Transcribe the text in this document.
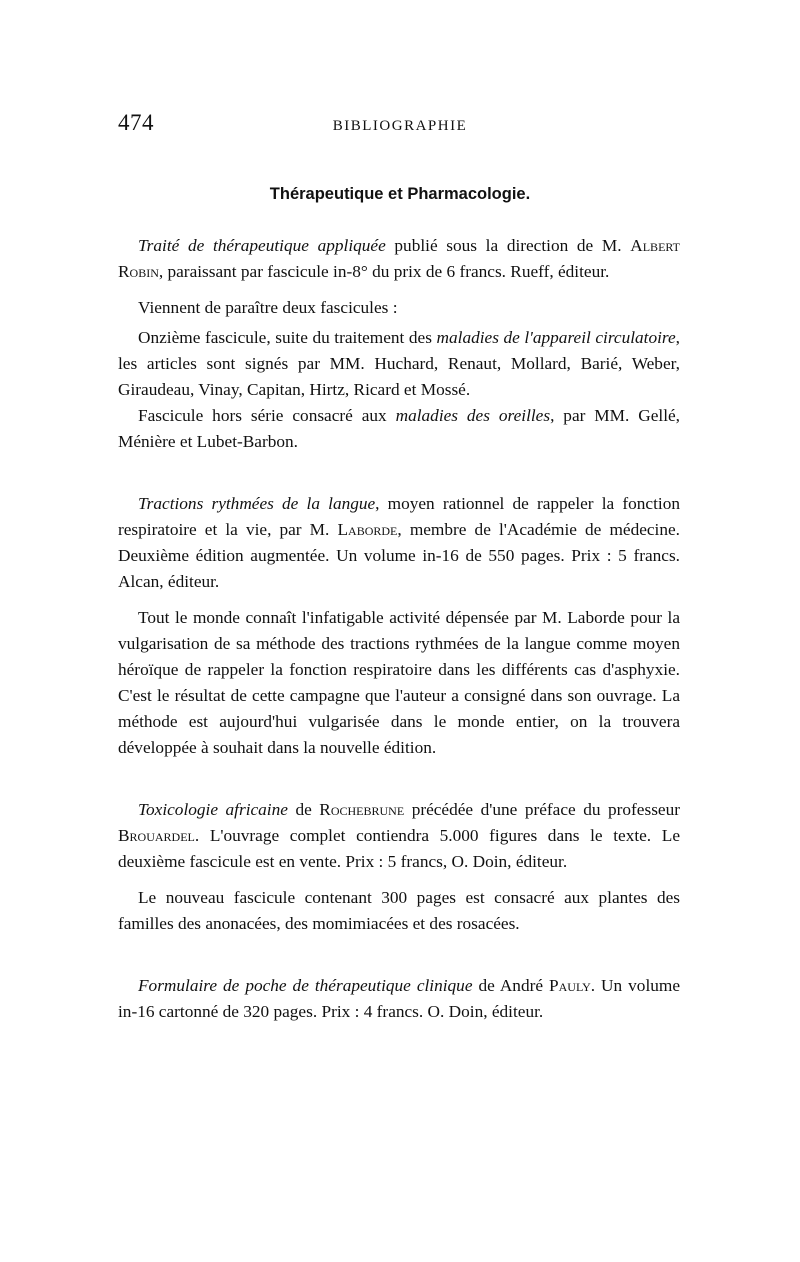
474	BIBLIOGRAPHIE
Thérapeutique et Pharmacologie.

Traité de thérapeutique appliquée publié sous la direction de M. Albert Robin, paraissant par fascicule in-8° du prix de 6 francs. Rueff, éditeur.

Viennent de paraître deux fascicules :

Onzième fascicule, suite du traitement des maladies de l'appareil circulatoire, les articles sont signés par MM. Huchard, Renaut, Mollard, Barié, Weber, Giraudeau, Vinay, Capitan, Hirtz, Ricard et Mossé.

Fascicule hors série consacré aux maladies des oreilles, par MM. Gellé, Ménière et Lubet-Barbon.

Tractions rythmées de la langue, moyen rationnel de rappeler la fonction respiratoire et la vie, par M. Laborde, membre de l'Académie de médecine. Deuxième édition augmentée. Un volume in-16 de 550 pages. Prix : 5 francs. Alcan, éditeur.

Tout le monde connaît l'infatigable activité dépensée par M. Laborde pour la vulgarisation de sa méthode des tractions rythmées de la langue comme moyen héroïque de rappeler la fonction respiratoire dans les différents cas d'asphyxie. C'est le résultat de cette campagne que l'auteur a consigné dans son ouvrage. La méthode est aujourd'hui vulgarisée dans le monde entier, on la trouvera développée à souhait dans la nouvelle édition.

Toxicologie africaine de Rochebrune précédée d'une préface du professeur Brouardel. L'ouvrage complet contiendra 5.000 figures dans le texte. Le deuxième fascicule est en vente. Prix : 5 francs, O. Doin, éditeur.

Le nouveau fascicule contenant 300 pages est consacré aux plantes des familles des anonacées, des momimiacées et des rosacées.

Formulaire de poche de thérapeutique clinique de André Pauly. Un volume in-16 cartonné de 320 pages. Prix : 4 francs. O. Doin, éditeur.
